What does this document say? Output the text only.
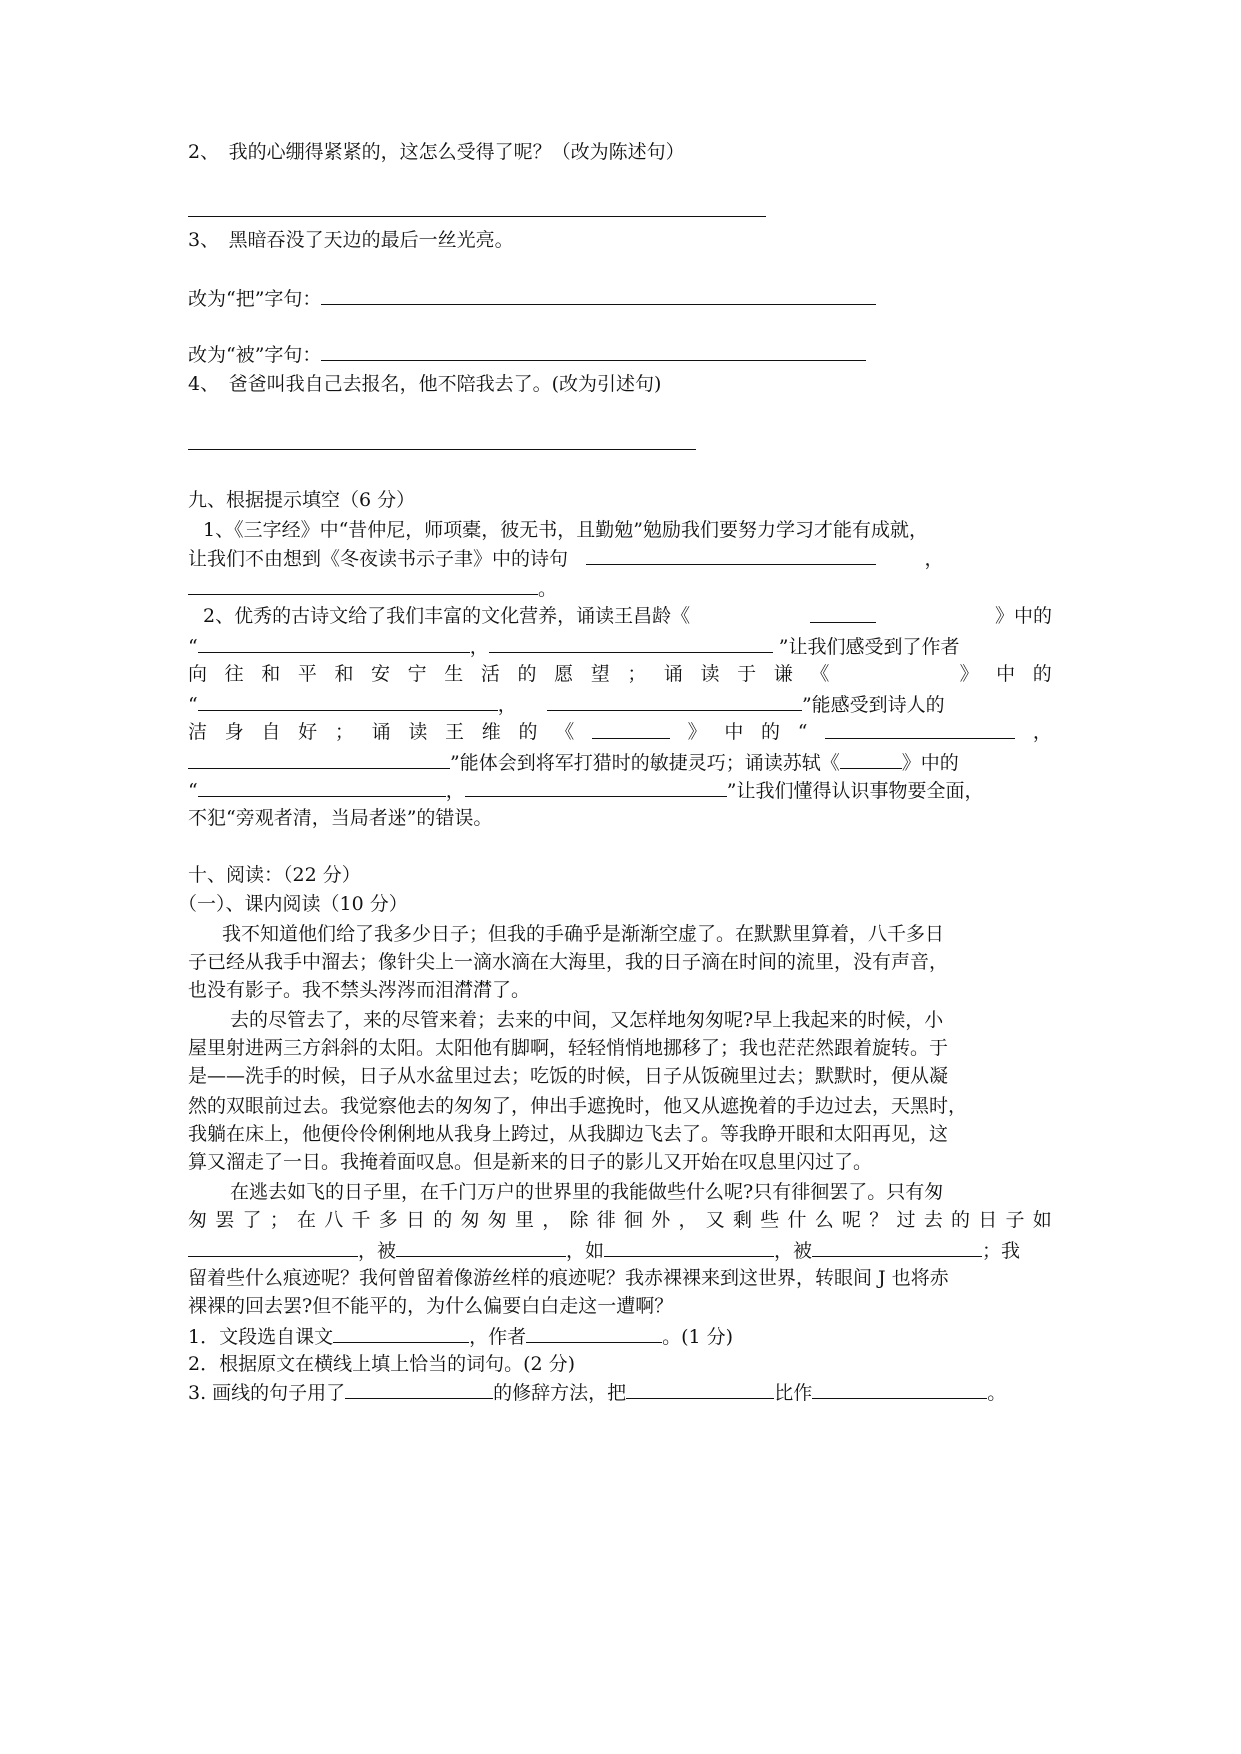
2、　我的心绷得紧紧的，这怎么受得了呢？（改为陈述句）
3、　黑暗吞没了天边的最后一丝光亮。
改为“把”字句：
改为“被”字句：
4、　爸爸叫我自己去报名，他不陪我去了。(改为引述句)
九、根据提示填空（6 分）
1、《三字经》中“昔仲尼，师项橐，彼无书，且勤勉”勉励我们要努力学习才能有成就，
让我们不由想到《冬夜读书示子聿》中的诗句	，
。
2、优秀的古诗文给了我们丰富的文化营养，诵读王昌龄《	》中的
“	，	”让我们感受到了作者
向 往 和 平 和 安 宁 生 活 的 愿 望 ； 诵 读 于 谦 《	》 中 的
“	，	”能感受到诗人的
洁 身 自 好 ； 诵 读 王 维 的 《	》 中 的 “	，
”能体会到将军打猎时的敏捷灵巧；诵读苏轼《	》中的
“	，	”让我们懂得认识事物要全面，
不犯“旁观者清，当局者迷”的错误。
十、阅读：（22 分）
（一）、课内阅读（10 分）
我不知道他们给了我多少日子；但我的手确乎是渐渐空虚了。在默默里算着，八千多日
子已经从我手中溜去；像针尖上一滴水滴在大海里，我的日子滴在时间的流里，没有声音，
也没有影子。我不禁头涔涔而泪潸潸了。
去的尽管去了，来的尽管来着；去来的中间，又怎样地匆匆呢?早上我起来的时候，小
屋里射进两三方斜斜的太阳。太阳他有脚啊，轻轻悄悄地挪移了；我也茫茫然跟着旋转。于
是——洗手的时候，日子从水盆里过去；吃饭的时候，日子从饭碗里过去；默默时，便从凝
然的双眼前过去。我觉察他去的匆匆了，伸出手遮挽时，他又从遮挽着的手边过去，天黑时，
我躺在床上，他便伶伶俐俐地从我身上跨过，从我脚边飞去了。等我睁开眼和太阳再见，这
算又溜走了一日。我掩着面叹息。但是新来的日子的影儿又开始在叹息里闪过了。
在逃去如飞的日子里，在千门万户的世界里的我能做些什么呢?只有徘徊罢了。只有匆
匆 罢 了 ； 在 八 千 多 日 的 匆 匆 里 ， 除 徘 徊 外 ， 又 剩 些 什 么 呢 ？ 过 去 的 日 子 如
，被	，如	，被	；我
留着些什么痕迹呢？我何曾留着像游丝样的痕迹呢？我赤裸裸来到这世界，转眼间 J 也将赤
裸裸的回去罢?但不能平的，为什么偏要白白走这一遭啊？
1．文段选自课文	，作者	。(1 分)
2．根据原文在横线上填上恰当的词句。(2 分)
3. 画线的句子用了	的修辞方法，把	比作	。
